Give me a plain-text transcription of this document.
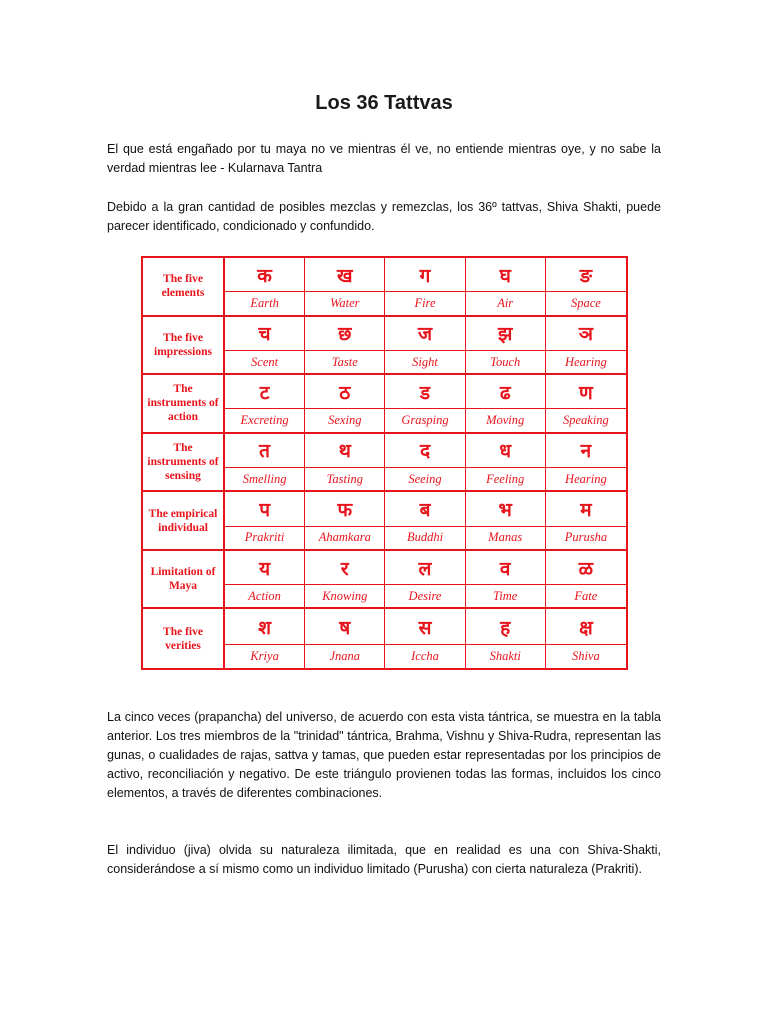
Los 36 Tattvas

El que está engañado por tu maya no ve mientras él ve, no entiende mientras oye, y no sabe la verdad mientras lee - Kularnava Tantra

Debido a la gran cantidad de posibles mezclas y remezclas, los 36º tattvas, Shiva Shakti, puede parecer identificado, condicionado y confundido.

The five elements
क
Earth
ख
Water
ग
Fire
घ
Air
ङ
Space
The five impressions
च
Scent
छ
Taste
ज
Sight
झ
Touch
ञ
Hearing
The instruments of action
ट
Excreting
ठ
Sexing
ड
Grasping
ढ
Moving
ण
Speaking
The instruments of sensing
त
Smelling
थ
Tasting
द
Seeing
ध
Feeling
न
Hearing
The empirical individual
प
Prakriti
फ
Ahamkara
ब
Buddhi
भ
Manas
म
Purusha
Limitation of Maya
य
Action
र
Knowing
ल
Desire
व
Time
ळ
Fate
The five verities
श
Kriya
ष
Jnana
स
Iccha
ह
Shakti
क्ष
Shiva

La cinco veces (prapancha) del universo, de acuerdo con esta vista tántrica, se muestra en la tabla anterior. Los tres miembros de la "trinidad" tántrica, Brahma, Vishnu y Shiva-Rudra, representan las gunas, o cualidades de rajas, sattva y tamas, que pueden estar representadas por los principios de activo, reconciliación y negativo. De este triángulo provienen todas las formas, incluidos los cinco elementos, a través de diferentes combinaciones.

El individuo (jiva) olvida su naturaleza ilimitada, que en realidad es una con Shiva-Shakti, considerándose a sí mismo como un individuo limitado (Purusha) con cierta naturaleza (Prakriti).
